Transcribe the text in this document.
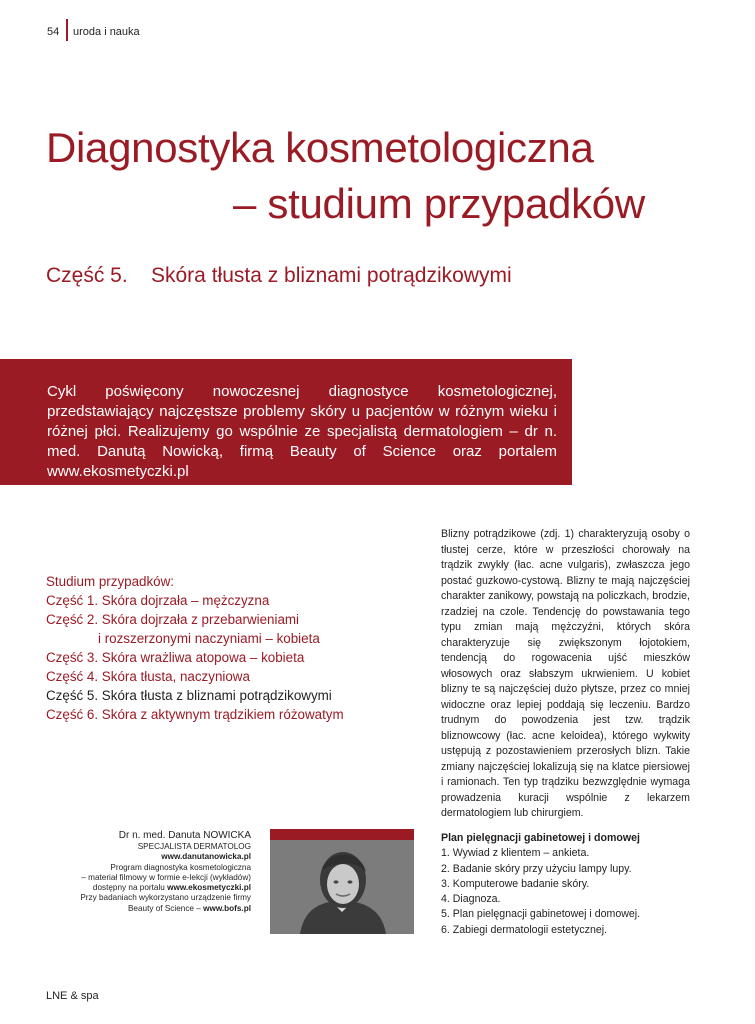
54 uroda i nauka
Diagnostyka kosmetologiczna
– studium przypadków
Część 5. Skóra tłusta z bliznami potrądzikowymi
Cykl poświęcony nowoczesnej diagnostyce kosmetologicznej, przedstawiający najczęstsze problemy skóry u pacjentów w różnym wieku i różnej płci. Realizujemy go wspólnie ze specjalistą dermatologiem – dr n. med. Danutą Nowicką, firmą Beauty of Science oraz portalem www.ekosmetyczki.pl
Studium przypadków:
Część 1. Skóra dojrzała – mężczyzna
Część 2. Skóra dojrzała z przebarwieniami
i rozszerzonymi naczyniami – kobieta
Część 3. Skóra wrażliwa atopowa – kobieta
Część 4. Skóra tłusta, naczyniowa
Część 5. Skóra tłusta z bliznami potrądzikowymi
Część 6. Skóra z aktywnym trądzikiem różowatym
Blizny potrądzikowe (zdj. 1) charakteryzują osoby o tłustej cerze, które w przeszłości chorowały na trądzik zwykły (łac. acne vulgaris), zwłaszcza jego postać guzkowo-cystową. Blizny te mają najczęściej charakter zanikowy, powstają na policzkach, brodzie, rzadziej na czole. Tendencję do powstawania tego typu zmian mają mężczyźni, których skóra charakteryzuje się zwiększonym łojotokiem, tendencją do rogowacenia ujść mieszków włosowych oraz słabszym ukrwieniem. U kobiet blizny te są najczęściej dużo płytsze, przez co mniej widoczne oraz lepiej poddają się leczeniu. Bardzo trudnym do powodzenia jest tzw. trądzik bliznowcowy (łac. acne keloidea), którego wykwity ustępują z pozostawieniem przerosłych blizn. Takie zmiany najczęściej lokalizują się na klatce piersiowej i ramionach. Ten typ trądziku bezwzględnie wymaga prowadzenia kuracji wspólnie z lekarzem dermatologiem lub chirurgiem.
Plan pielęgnacji gabinetowej i domowej
1. Wywiad z klientem – ankieta.
2. Badanie skóry przy użyciu lampy lupy.
3. Komputerowe badanie skóry.
4. Diagnoza.
5. Plan pielęgnacji gabinetowej i domowej.
6. Zabiegi dermatologii estetycznej.
Dr n. med. Danuta NOWICKA
SPECJALISTA DERMATOLOG
www.danutanowicka.pl
Program diagnostyka kosmetologiczna
– materiał filmowy w formie e-lekcji (wykładów)
dostępny na portalu www.ekosmetyczki.pl
Przy badaniach wykorzystano urządzenie firmy
Beauty of Science – www.bofs.pl
LNE & spa
